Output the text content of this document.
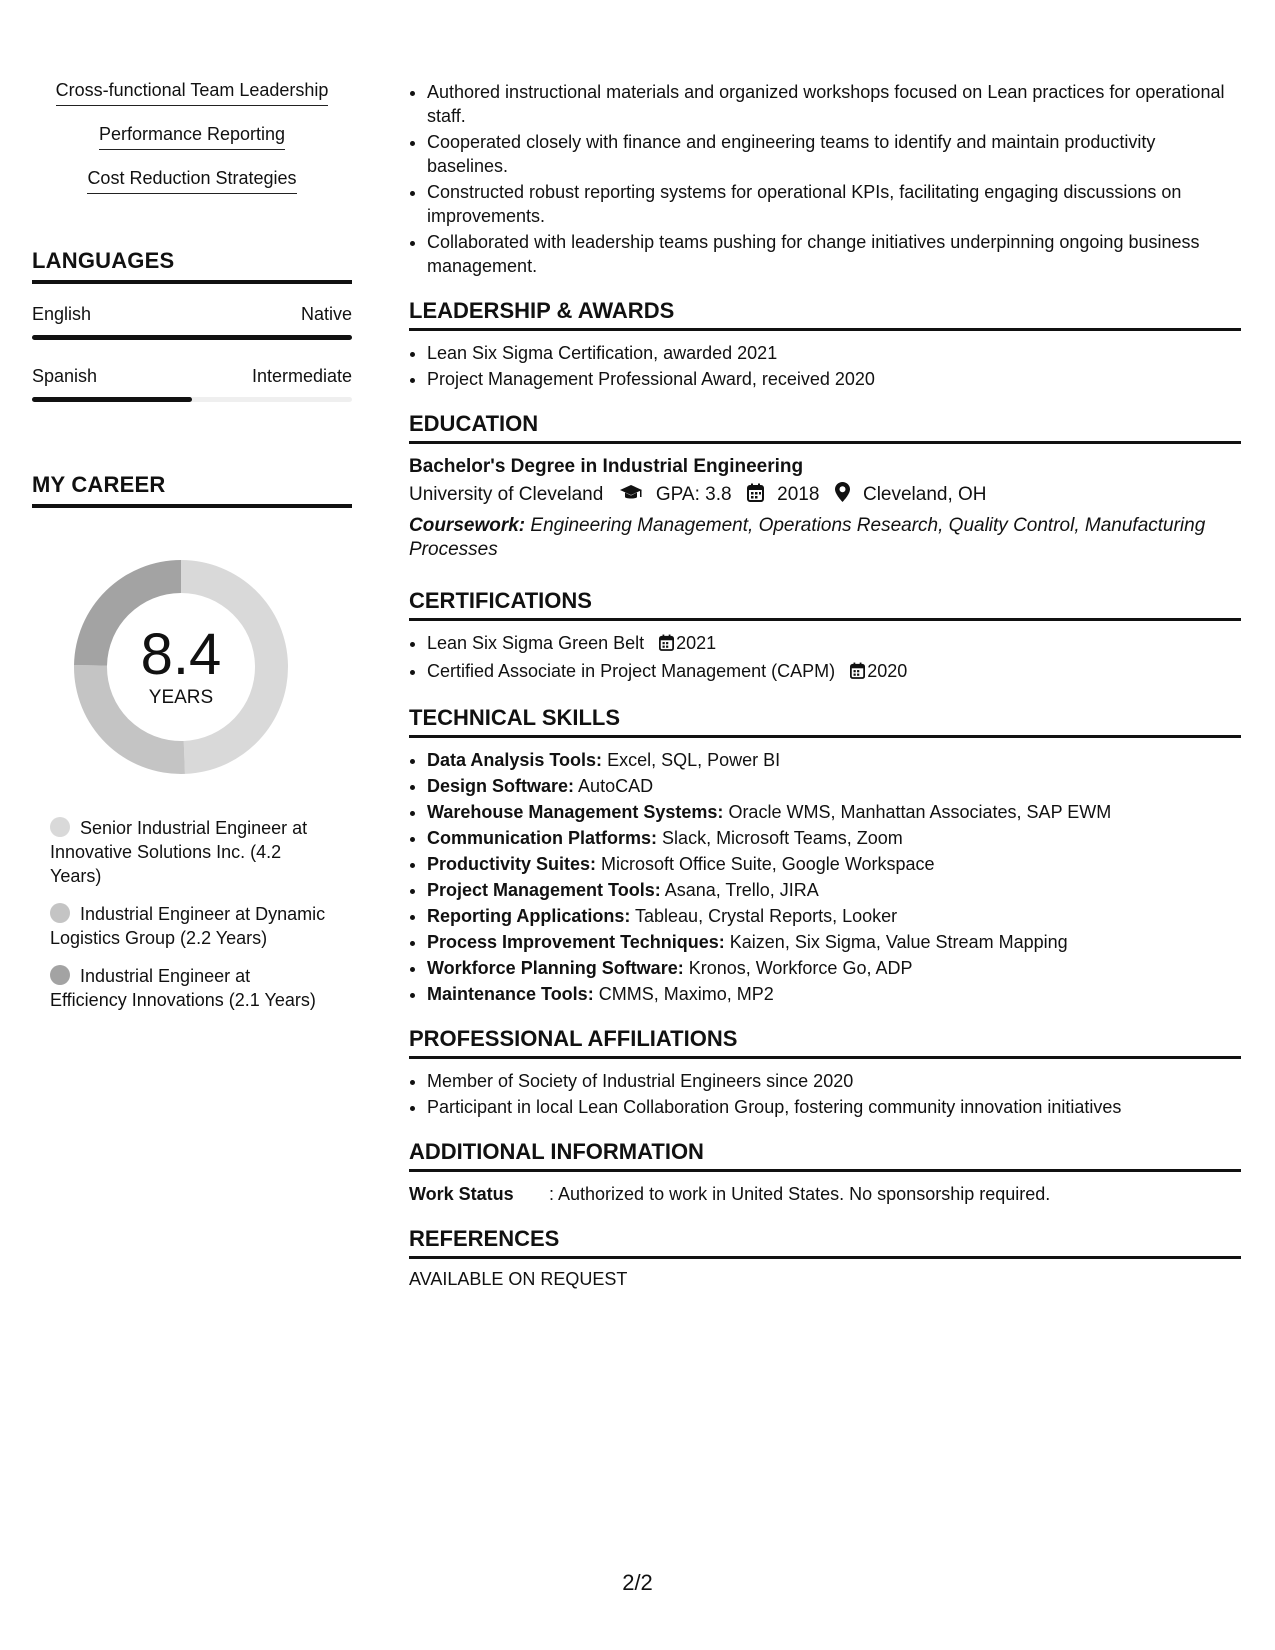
Cross-functional Team Leadership
Performance Reporting
Cost Reduction Strategies
LANGUAGES
English	Native
Spanish	Intermediate
MY CAREER
8.4
YEARS
Senior Industrial Engineer at Innovative Solutions Inc. (4.2 Years)
Industrial Engineer at Dynamic Logistics Group (2.2 Years)
Industrial Engineer at Efficiency Innovations (2.1 Years)
• Authored instructional materials and organized workshops focused on Lean practices for operational staff.
• Cooperated closely with finance and engineering teams to identify and maintain productivity baselines.
• Constructed robust reporting systems for operational KPIs, facilitating engaging discussions on improvements.
• Collaborated with leadership teams pushing for change initiatives underpinning ongoing business management.
LEADERSHIP & AWARDS
• Lean Six Sigma Certification, awarded 2021
• Project Management Professional Award, received 2020
EDUCATION
Bachelor's Degree in Industrial Engineering
University of Cleveland	GPA: 3.8 2018 Cleveland, OH
Coursework: Engineering Management, Operations Research, Quality Control, Manufacturing Processes
CERTIFICATIONS
• Lean Six Sigma Green Belt 2021
• Certified Associate in Project Management (CAPM) 2020
TECHNICAL SKILLS
• Data Analysis Tools: Excel, SQL, Power BI
• Design Software: AutoCAD
• Warehouse Management Systems: Oracle WMS, Manhattan Associates, SAP EWM
• Communication Platforms: Slack, Microsoft Teams, Zoom
• Productivity Suites: Microsoft Office Suite, Google Workspace
• Project Management Tools: Asana, Trello, JIRA
• Reporting Applications: Tableau, Crystal Reports, Looker
• Process Improvement Techniques: Kaizen, Six Sigma, Value Stream Mapping
• Workforce Planning Software: Kronos, Workforce Go, ADP
• Maintenance Tools: CMMS, Maximo, MP2
PROFESSIONAL AFFILIATIONS
• Member of Society of Industrial Engineers since 2020
• Participant in local Lean Collaboration Group, fostering community innovation initiatives
ADDITIONAL INFORMATION
Work Status : Authorized to work in United States. No sponsorship required.
REFERENCES
AVAILABLE ON REQUEST
2/2
